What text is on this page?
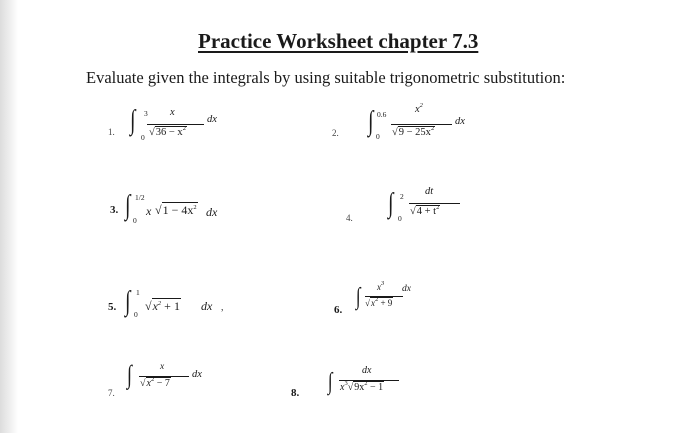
Practice Worksheet chapter 7.3
Evaluate given the integrals by using suitable trigonometric substitution:
1. ∫ 3
0
x
$√36 - x^2$
dx
2. ∫ 0.6
0
$x^2$
$√9 - 25x^2$
dx
3. ∫ 1/2
0
x $√1 - 4x^2$ dx	4. ∫ 2
0
dt
$√4 + t^2$
5. ∫ 1
0
$√x^2 + 1$ dx ,	6. ∫ $x^3$
$√x^2 + 9$
dx
7.
∫	x
$√x^2 - 7$
dx
8. ∫	dx
$x^3√9x^2 - 1$
